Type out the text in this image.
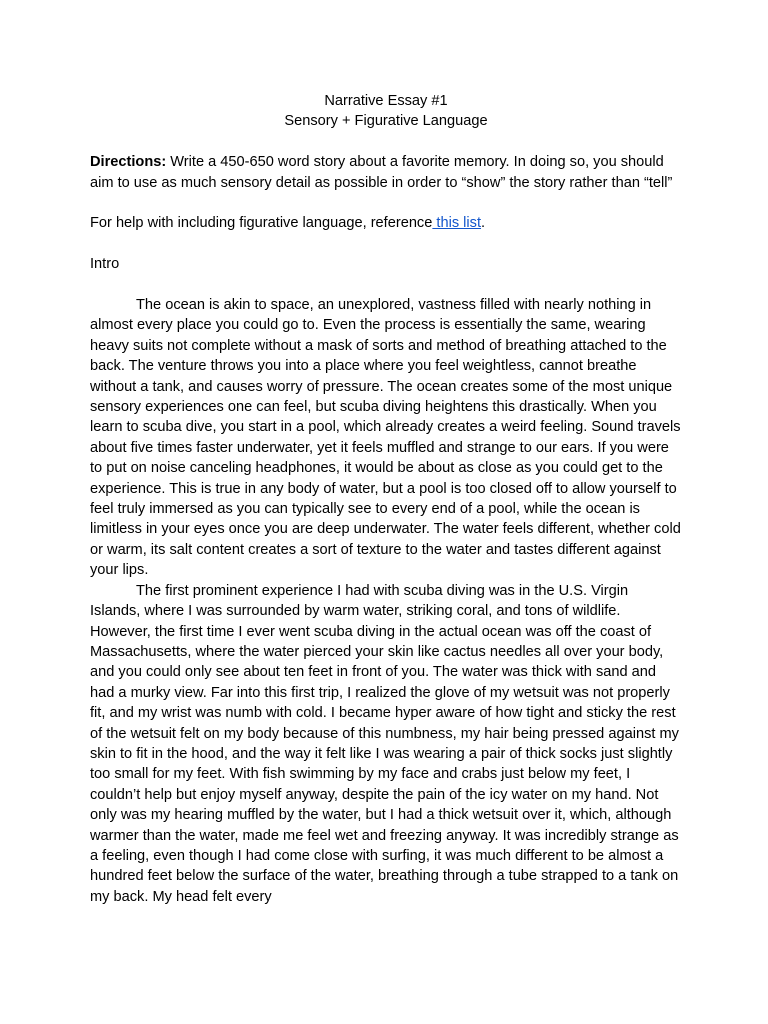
Narrative Essay #1
Sensory + Figurative Language

Directions: Write a 450-650 word story about a favorite memory. In doing so, you should aim to use as much sensory detail as possible in order to “show” the story rather than “tell”

For help with including figurative language, reference this list.

Intro

The ocean is akin to space, an unexplored, vastness filled with nearly nothing in almost every place you could go to. Even the process is essentially the same, wearing heavy suits not complete without a mask of sorts and method of breathing attached to the back. The venture throws you into a place where you feel weightless, cannot breathe without a tank, and causes worry of pressure. The ocean creates some of the most unique sensory experiences one can feel, but scuba diving heightens this drastically. When you learn to scuba dive, you start in a pool, which already creates a weird feeling. Sound travels about five times faster underwater, yet it feels muffled and strange to our ears. If you were to put on noise canceling headphones, it would be about as close as you could get to the experience. This is true in any body of water, but a pool is too closed off to allow yourself to feel truly immersed as you can typically see to every end of a pool, while the ocean is limitless in your eyes once you are deep underwater. The water feels different, whether cold or warm, its salt content creates a sort of texture to the water and tastes different against your lips.

The first prominent experience I had with scuba diving was in the U.S. Virgin Islands, where I was surrounded by warm water, striking coral, and tons of wildlife. However, the first time I ever went scuba diving in the actual ocean was off the coast of Massachusetts, where the water pierced your skin like cactus needles all over your body, and you could only see about ten feet in front of you. The water was thick with sand and had a murky view. Far into this first trip, I realized the glove of my wetsuit was not properly fit, and my wrist was numb with cold. I became hyper aware of how tight and sticky the rest of the wetsuit felt on my body because of this numbness, my hair being pressed against my skin to fit in the hood, and the way it felt like I was wearing a pair of thick socks just slightly too small for my feet. With fish swimming by my face and crabs just below my feet, I couldn’t help but enjoy myself anyway, despite the pain of the icy water on my hand. Not only was my hearing muffled by the water, but I had a thick wetsuit over it, which, although warmer than the water, made me feel wet and freezing anyway. It was incredibly strange as a feeling, even though I had come close with surfing, it was much different to be almost a hundred feet below the surface of the water, breathing through a tube strapped to a tank on my back. My head felt every
